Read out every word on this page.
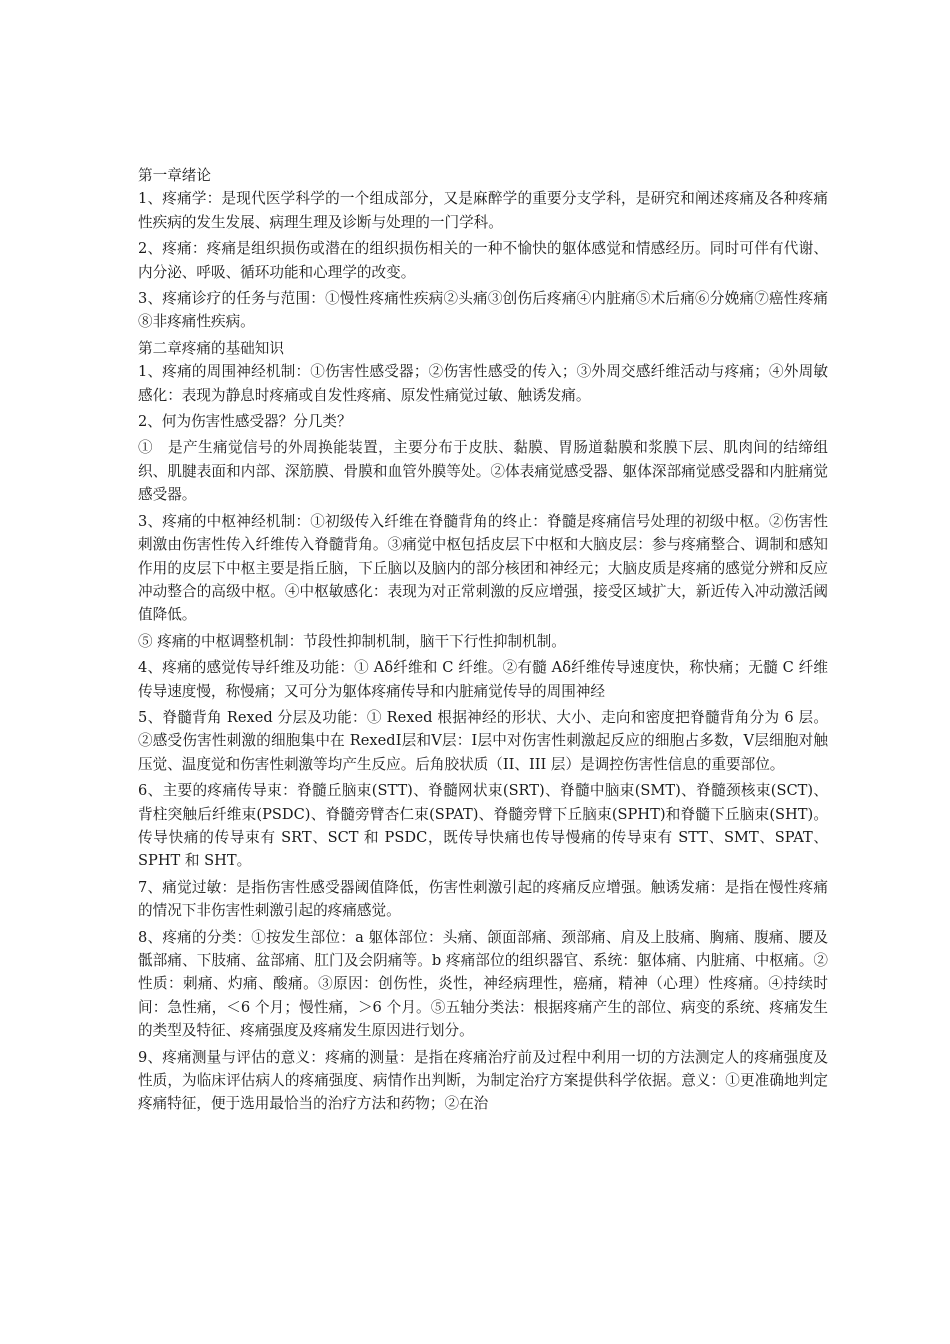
第一章绪论

1、疼痛学：是现代医学科学的一个组成部分，又是麻醉学的重要分支学科，是研究和阐述疼痛及各种疼痛性疾病的发生发展、病理生理及诊断与处理的一门学科。

2、疼痛：疼痛是组织损伤或潜在的组织损伤相关的一种不愉快的躯体感觉和情感经历。同时可伴有代谢、内分泌、呼吸、循环功能和心理学的改变。

3、疼痛诊疗的任务与范围：①慢性疼痛性疾病②头痛③创伤后疼痛④内脏痛⑤术后痛⑥分娩痛⑦癌性疼痛⑧非疼痛性疾病。

第二章疼痛的基础知识

1、疼痛的周围神经机制：①伤害性感受器；②伤害性感受的传入；③外周交感纤维活动与疼痛；④外周敏感化：表现为静息时疼痛或自发性疼痛、原发性痛觉过敏、触诱发痛。

2、何为伤害性感受器？分几类？

①　是产生痛觉信号的外周换能装置，主要分布于皮肤、黏膜、胃肠道黏膜和浆膜下层、肌肉间的结缔组织、肌腱表面和内部、深筋膜、骨膜和血管外膜等处。②体表痛觉感受器、躯体深部痛觉感受器和内脏痛觉感受器。

3、疼痛的中枢神经机制：①初级传入纤维在脊髓背角的终止：脊髓是疼痛信号处理的初级中枢。②伤害性刺激由伤害性传入纤维传入脊髓背角。③痛觉中枢包括皮层下中枢和大脑皮层：参与疼痛整合、调制和感知作用的皮层下中枢主要是指丘脑，下丘脑以及脑内的部分核团和神经元；大脑皮质是疼痛的感觉分辨和反应冲动整合的高级中枢。④中枢敏感化：表现为对正常刺激的反应增强，接受区域扩大，新近传入冲动激活阈值降低。

⑤ 疼痛的中枢调整机制：节段性抑制机制，脑干下行性抑制机制。

4、疼痛的感觉传导纤维及功能：① Aδ纤维和 C 纤维。②有髓 Aδ纤维传导速度快，称快痛；无髓 C 纤维传导速度慢，称慢痛；又可分为躯体疼痛传导和内脏痛觉传导的周围神经

5、脊髓背角 Rexed 分层及功能：① Rexed 根据神经的形状、大小、走向和密度把脊髓背角分为 6 层。②感受伤害性刺激的细胞集中在 RexedⅠ层和Ⅴ层：Ⅰ层中对伤害性刺激起反应的细胞占多数，Ⅴ层细胞对触压觉、温度觉和伤害性刺激等均产生反应。后角胶状质（II、III 层）是调控伤害性信息的重要部位。

6、主要的疼痛传导束：脊髓丘脑束(STT)、脊髓网状束(SRT)、脊髓中脑束(SMT)、脊髓颈核束(SCT)、背柱突触后纤维束(PSDC)、脊髓旁臂杏仁束(SPAT)、脊髓旁臂下丘脑束(SPHT)和脊髓下丘脑束(SHT)。传导快痛的传导束有 SRT、SCT 和 PSDC，既传导快痛也传导慢痛的传导束有 STT、SMT、SPAT、SPHT 和 SHT。

7、痛觉过敏：是指伤害性感受器阈值降低，伤害性刺激引起的疼痛反应增强。触诱发痛：是指在慢性疼痛的情况下非伤害性刺激引起的疼痛感觉。

8、疼痛的分类：①按发生部位：a 躯体部位：头痛、颌面部痛、颈部痛、肩及上肢痛、胸痛、腹痛、腰及骶部痛、下肢痛、盆部痛、肛门及会阴痛等。b 疼痛部位的组织器官、系统：躯体痛、内脏痛、中枢痛。②性质：刺痛、灼痛、酸痛。③原因：创伤性，炎性，神经病理性，癌痛，精神（心理）性疼痛。④持续时间：急性痛，＜6 个月；慢性痛，＞6 个月。⑤五轴分类法：根据疼痛产生的部位、病变的系统、疼痛发生的类型及特征、疼痛强度及疼痛发生原因进行划分。

9、疼痛测量与评估的意义：疼痛的测量：是指在疼痛治疗前及过程中利用一切的方法测定人的疼痛强度及性质，为临床评估病人的疼痛强度、病情作出判断，为制定治疗方案提供科学依据。意义：①更准确地判定疼痛特征，便于选用最恰当的治疗方法和药物；②在治
